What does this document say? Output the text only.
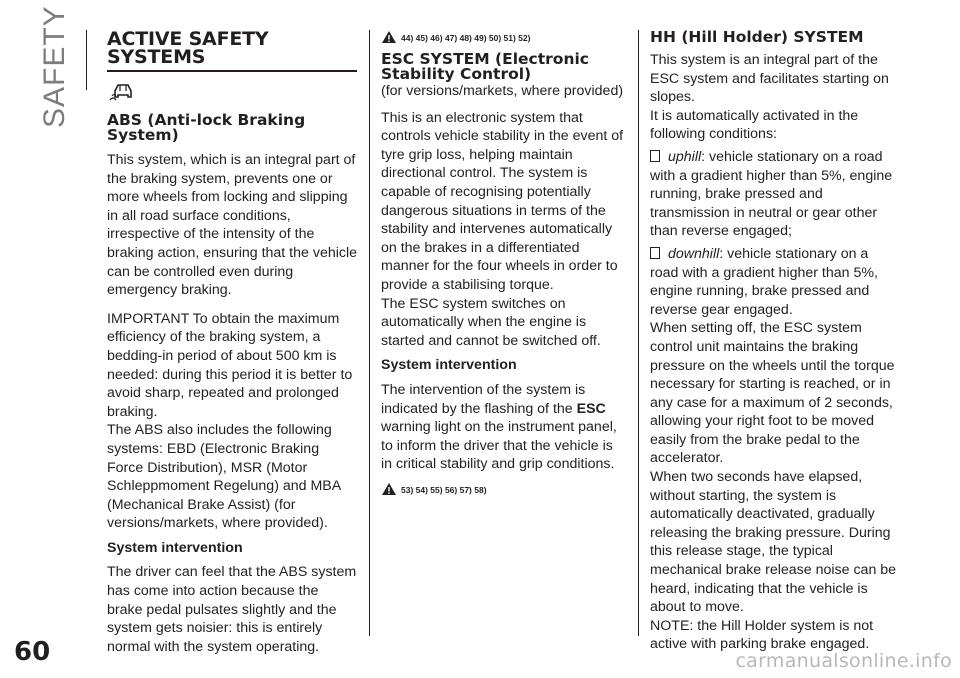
SAFETY ACTIVE SAFETY SYSTEMS
ABS (Anti-lock Braking System)

This system, which is an integral part of the braking system, prevents one or more wheels from locking and slipping in all road surface conditions, irrespective of the intensity of the braking action, ensuring that the vehicle can be controlled even during emergency braking.

IMPORTANT To obtain the maximum efficiency of the braking system, a bedding-in period of about 500 km is needed: during this period it is better to avoid sharp, repeated and prolonged braking.

The ABS also includes the following systems: EBD (Electronic Braking Force Distribution), MSR (Motor Schleppmoment Regelung) and MBA (Mechanical Brake Assist) (for versions/markets, where provided).

System intervention

The driver can feel that the ABS system has come into action because the brake pedal pulsates slightly and the system gets noisier: this is entirely normal with the system operating.

44) 45) 46) 47) 48) 49) 50) 51) 52)
ESC SYSTEM (Electronic Stability Control)

(for versions/markets, where provided)

This is an electronic system that controls vehicle stability in the event of tyre grip loss, helping maintain directional control. The system is capable of recognising potentially dangerous situations in terms of the stability and intervenes automatically on the brakes in a differentiated manner for the four wheels in order to provide a stabilising torque.

The ESC system switches on automatically when the engine is started and cannot be switched off.

System intervention

The intervention of the system is indicated by the flashing of the ESC warning light on the instrument panel, to inform the driver that the vehicle is in critical stability and grip conditions.

53) 54) 55) 56) 57) 58)
HH (Hill Holder) SYSTEM

This system is an integral part of the ESC system and facilitates starting on slopes.

It is automatically activated in the following conditions:

uphill: vehicle stationary on a road with a gradient higher than 5%, engine running, brake pressed and transmission in neutral or gear other than reverse engaged;

downhill: vehicle stationary on a road with a gradient higher than 5%, engine running, brake pressed and reverse gear engaged.

When setting off, the ESC system control unit maintains the braking pressure on the wheels until the torque necessary for starting is reached, or in any case for a maximum of 2 seconds, allowing your right foot to be moved easily from the brake pedal to the accelerator.

When two seconds have elapsed, without starting, the system is automatically deactivated, gradually releasing the braking pressure. During this release stage, the typical mechanical brake release noise can be heard, indicating that the vehicle is about to move.

NOTE: the Hill Holder system is not active with parking brake engaged.

60	carmanualsonline.info
